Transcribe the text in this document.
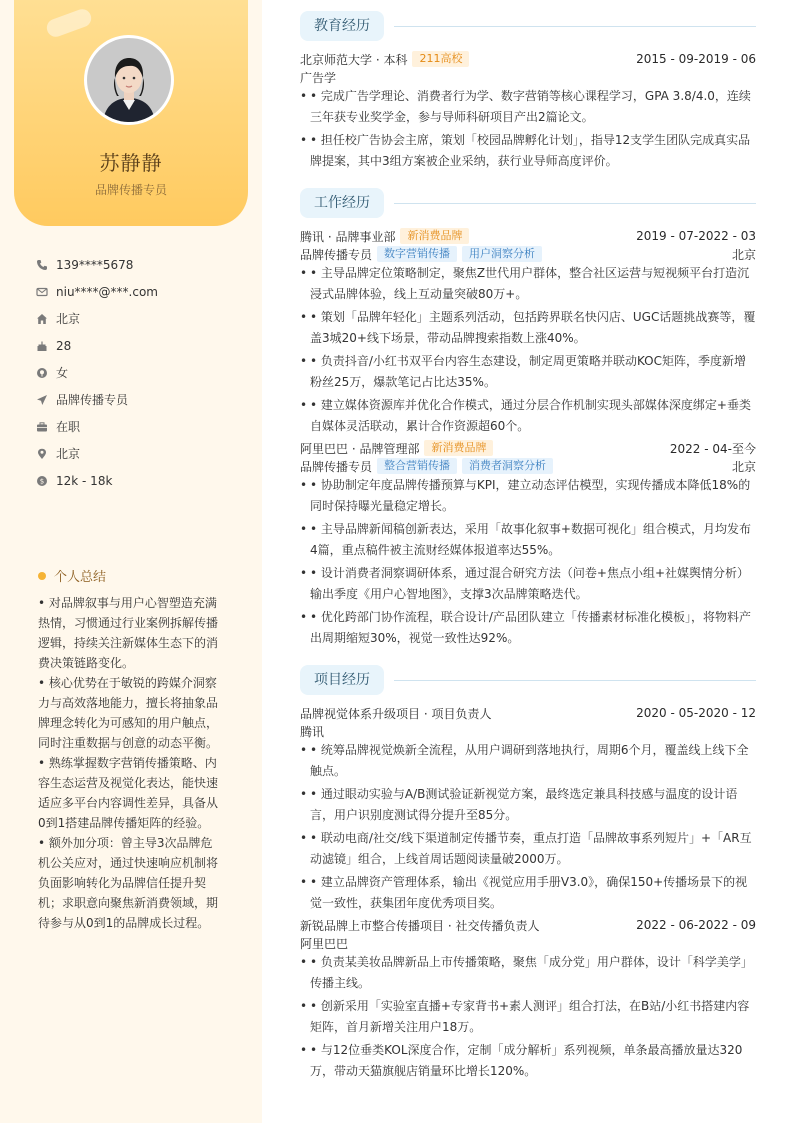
苏静静
品牌传播专员
139****5678
niu****@***.com
北京
28
女
品牌传播专员
在职
北京
$ 12k - 18k
个人总结

• 对品牌叙事与用户心智塑造充满热情，习惯通过行业案例拆解传播逻辑，持续关注新媒体生态下的消费决策链路变化。

• 核心优势在于敏锐的跨媒介洞察力与高效落地能力，擅长将抽象品牌理念转化为可感知的用户触点，同时注重数据与创意的动态平衡。

• 熟练掌握数字营销传播策略、内容生态运营及视觉化表达，能快速适应多平台内容调性差异，具备从0到1搭建品牌传播矩阵的经验。

• 额外加分项：曾主导3次品牌危机公关应对，通过快速响应机制将负面影响转化为品牌信任提升契机；求职意向聚焦新消费领域，期待参与从0到1的品牌成长过程。

教育经历
北京师范大学 · 本科	211高校	2015 - 09-2019 - 06
广告学
• • 完成广告学理论、消费者行为学、数字营销等核心课程学习，GPA 3.8/4.0，连续三年获专业奖学金，参与导师科研项目产出2篇论文。
• • 担任校广告协会主席，策划「校园品牌孵化计划」，指导12支学生团队完成真实品牌提案，其中3组方案被企业采纳，获行业导师高度评价。
工作经历
腾讯 · 品牌事业部	新消费品牌	2019 - 07-2022 - 03
品牌传播专员	数字营销传播	用户洞察分析	北京
• • 主导品牌定位策略制定，聚焦Z世代用户群体，整合社区运营与短视频平台打造沉浸式品牌体验，线上互动量突破80万+。
• • 策划「品牌年轻化」主题系列活动，包括跨界联名快闪店、UGC话题挑战赛等，覆盖3城20+线下场景，带动品牌搜索指数上涨40%。
• • 负责抖音/小红书双平台内容生态建设，制定周更策略并联动KOC矩阵，季度新增粉丝25万，爆款笔记占比达35%。
• • 建立媒体资源库并优化合作模式，通过分层合作机制实现头部媒体深度绑定+垂类自媒体灵活联动，累计合作资源超60个。
阿里巴巴 · 品牌管理部	新消费品牌	2022 - 04-至今
品牌传播专员	整合营销传播	消费者洞察分析	北京
• • 协助制定年度品牌传播预算与KPI，建立动态评估模型，实现传播成本降低18%的同时保持曝光量稳定增长。
• • 主导品牌新闻稿创新表达，采用「故事化叙事+数据可视化」组合模式，月均发布4篇，重点稿件被主流财经媒体报道率达55%。
• • 设计消费者洞察调研体系，通过混合研究方法（问卷+焦点小组+社媒舆情分析）输出季度《用户心智地图》，支撑3次品牌策略迭代。
• • 优化跨部门协作流程，联合设计/产品团队建立「传播素材标准化模板」，将物料产出周期缩短30%，视觉一致性达92%。
项目经历
品牌视觉体系升级项目 · 项目负责人	2020 - 05-2020 - 12
腾讯
• • 统筹品牌视觉焕新全流程，从用户调研到落地执行，周期6个月，覆盖线上线下全触点。
• • 通过眼动实验与A/B测试验证新视觉方案，最终选定兼具科技感与温度的设计语言，用户识别度测试得分提升至85分。
• • 联动电商/社交/线下渠道制定传播节奏，重点打造「品牌故事系列短片」+「AR互动滤镜」组合，上线首周话题阅读量破2000万。
• • 建立品牌资产管理体系，输出《视觉应用手册V3.0》，确保150+传播场景下的视觉一致性，获集团年度优秀项目奖。
新锐品牌上市整合传播项目 · 社交传播负责人	2022 - 06-2022 - 09
阿里巴巴
• • 负责某美妆品牌新品上市传播策略，聚焦「成分党」用户群体，设计「科学美学」传播主线。
• • 创新采用「实验室直播+专家背书+素人测评」组合打法，在B站/小红书搭建内容矩阵，首月新增关注用户18万。
• • 与12位垂类KOL深度合作，定制「成分解析」系列视频，单条最高播放量达320万，带动天猫旗舰店销量环比增长120%。
